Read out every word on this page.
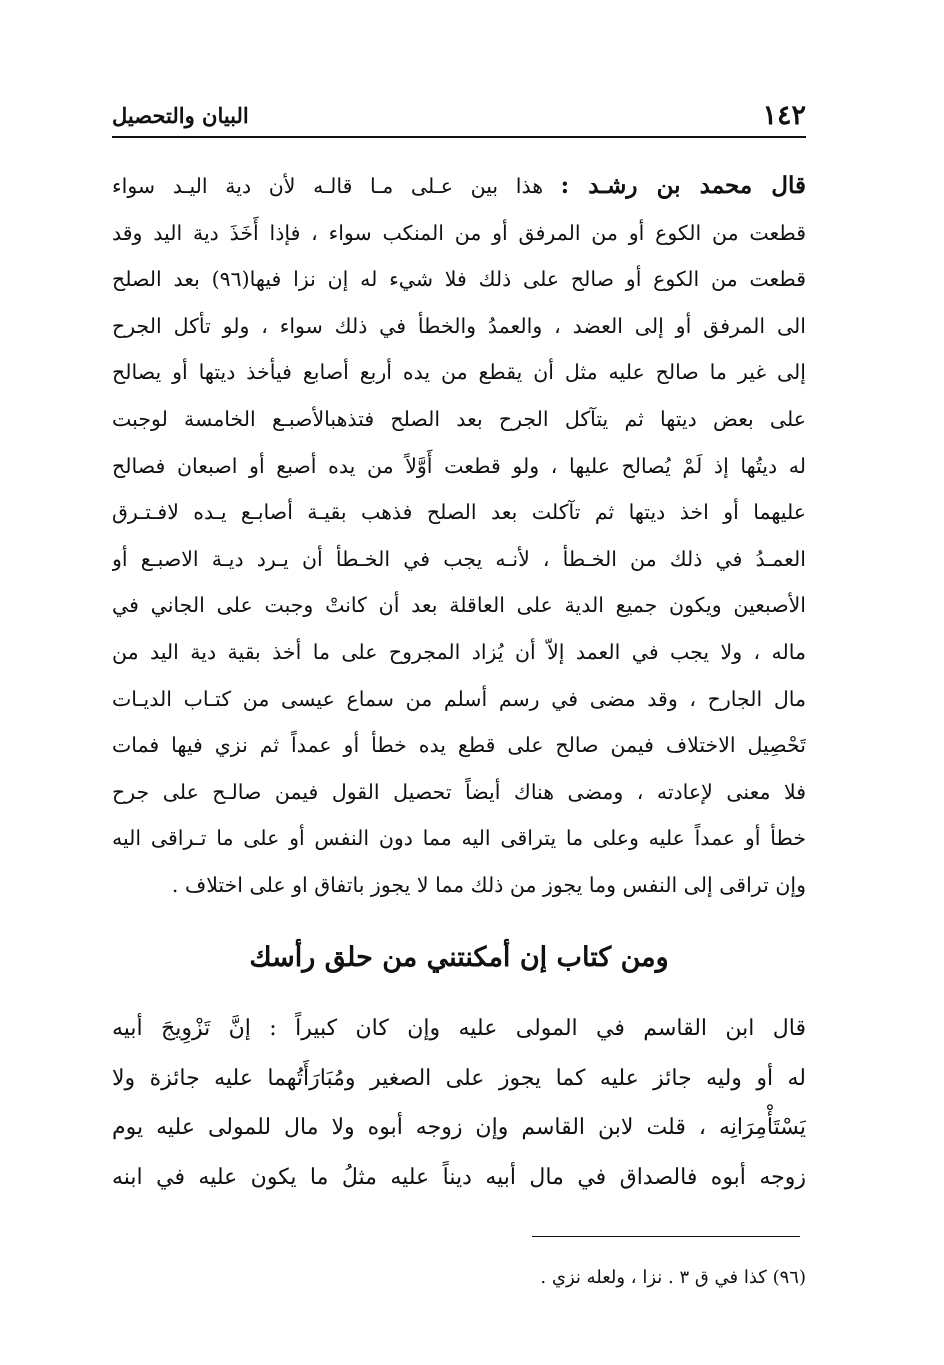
١٤٢
البيان والتحصيل
قال محمد بن رشـد : هذا بين عـلى مـا قالـه لأن دية اليـد سواء
قطعت من الكوع أو من المرفق أو من المنكب سواء ، فإذا أَخَذَ دية اليد وقد
قطعت من الكوع أو صالح على ذلك فلا شيء له إن نزا فيها(٩٦) بعد الصلح
الى المرفق أو إلى العضد ، والعمدُ والخطأ في ذلك سواء ، ولو تأكل الجرح
إلى غير ما صالح عليه مثل أن يقطع من يده أربع أصابع فيأخذ ديتها أو يصالح
على بعض ديتها ثم يتآكل الجرح بعد الصلح فتذهبالأصبـع الخامسة لوجبت
له ديتُها إذ لَمْ يُصالح عليها ، ولو قطعت أَوَّلاً من يده أصبع أو اصبعان فصالح
عليهما أو اخذ ديتها ثم تآكلت بعد الصلح فذهب بقيـة أصابـع يـده لافـتـرق
العمـدُ في ذلك من الخـطأ ، لأنـه يجب في الخـطأ أن يـرد ديـة الاصبـع أو
الأصبعين ويكون جميع الدية على العاقلة بعد أن كانتْ وجبت على الجاني في
ماله ، ولا يجب في العمد إلاّ أن يُزاد المجروح على ما أخذ بقية دية اليد من
مال الجارح ، وقد مضى في رسم أسلم من سماع عيسى من كتـاب الديـات
تَحْصِيل الاختلاف فيمن صالح على قطع يده خطأ أو عمداً ثم نزي فيها فمات
فلا معنى لإعادته ، ومضى هناك أيضاً تحصيل القول فيمن صالـح على جرح
خطأ أو عمداً عليه وعلى ما يتراقى اليه مما دون النفس أو على ما تـراقى اليه
وإن تراقى إلى النفس وما يجوز من ذلك مما لا يجوز باتفاق او على اختلاف .
ومن كتاب إن أمكنتني من حلق رأسك
قال ابن القاسم في المولى عليه وإن كان كبيراً : إنَّ تَزْوِيجَ أبيه
له أو وليه جائز عليه كما يجوز على الصغير ومُبَارَأَتُهما عليه جائزة ولا
يَسْتَأْمِرَانِه ، قلت لابن القاسم وإن زوجه أبوه ولا مال للمولى عليه يوم
زوجه أبوه فالصداق في مال أبيه ديناً عليه مثلُ ما يكون عليه في ابنه
(٩٦) كذا في ق ٣ . نزا ، ولعله نزي .
